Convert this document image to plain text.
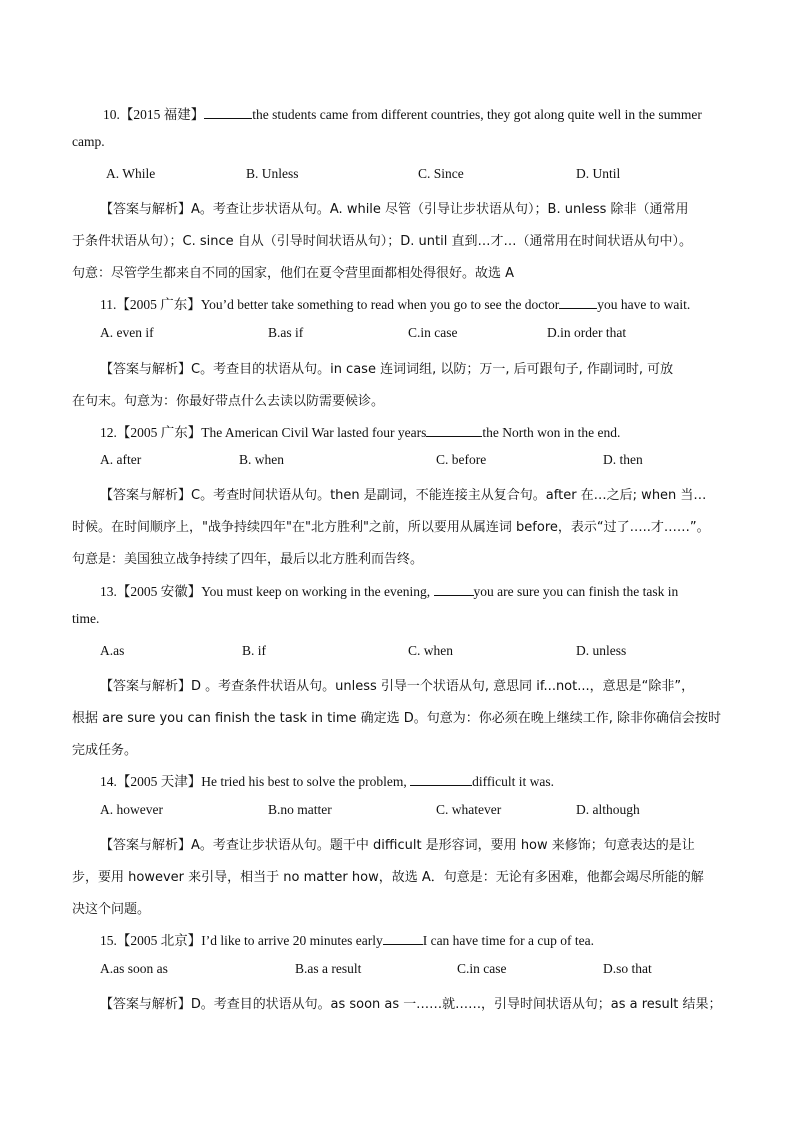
10.【2015 福建】	the students came from different countries, they got along quite well in the summer
camp.
A. While	B. Unless	C. Since	D. Until
【答案与解析】A。考查让步状语从句。A. while 尽管（引导让步状语从句）；B. unless 除非（通常用
于条件状语从句）；C. since 自从（引导时间状语从句）；D. until 直到…才…（通常用在时间状语从句中）。
句意：尽管学生都来自不同的国家，他们在夏令营里面都相处得很好。故选 A
11.【2005 广东】You’d better take something to read when you go to see the doctor	you have to wait.
A. even if	B.as if	C.in case	D.in order that
【答案与解析】C。考查目的状语从句。in case 连词词组, 以防；万一, 后可跟句子, 作副词时, 可放
在句末。句意为：你最好带点什么去读以防需要候诊。
12.【2005 广东】The American Civil War lasted four years	the North won in the end.
A. after	B. when	C. before	D. then
【答案与解析】C。考查时间状语从句。then 是副词，不能连接主从复合句。after 在…之后; when 当…
时候。在时间顺序上，"战争持续四年"在"北方胜利"之前，所以要用从属连词 before，表示“过了…..才……”。
句意是：美国独立战争持续了四年，最后以北方胜利而告终。
13.【2005 安徽】You must keep on working in the evening,	you are sure you can finish the task in
time.
A.as	B. if	C. when	D. unless
【答案与解析】D 。考查条件状语从句。unless 引导一个状语从句, 意思同 if...not...，意思是“除非”，
根据 are sure you can finish the task in time 确定选 D。句意为：你必须在晚上继续工作, 除非你确信会按时
完成任务。
14.【2005 天津】He tried his best to solve the problem,	difficult it was.
A. however	B.no matter	C. whatever	D. although
【答案与解析】A。考查让步状语从句。题干中 difficult 是形容词，要用 how 来修饰；句意表达的是让
步，要用 however 来引导，相当于 no matter how，故选 A．句意是：无论有多困难，他都会竭尽所能的解
决这个问题。
15.【2005 北京】I’d like to arrive 20 minutes early	I can have time for a cup of tea.
A.as soon as	B.as a result	C.in case	D.so that
【答案与解析】D。考查目的状语从句。as soon as 一……就……，引导时间状语从句；as a result 结果；
